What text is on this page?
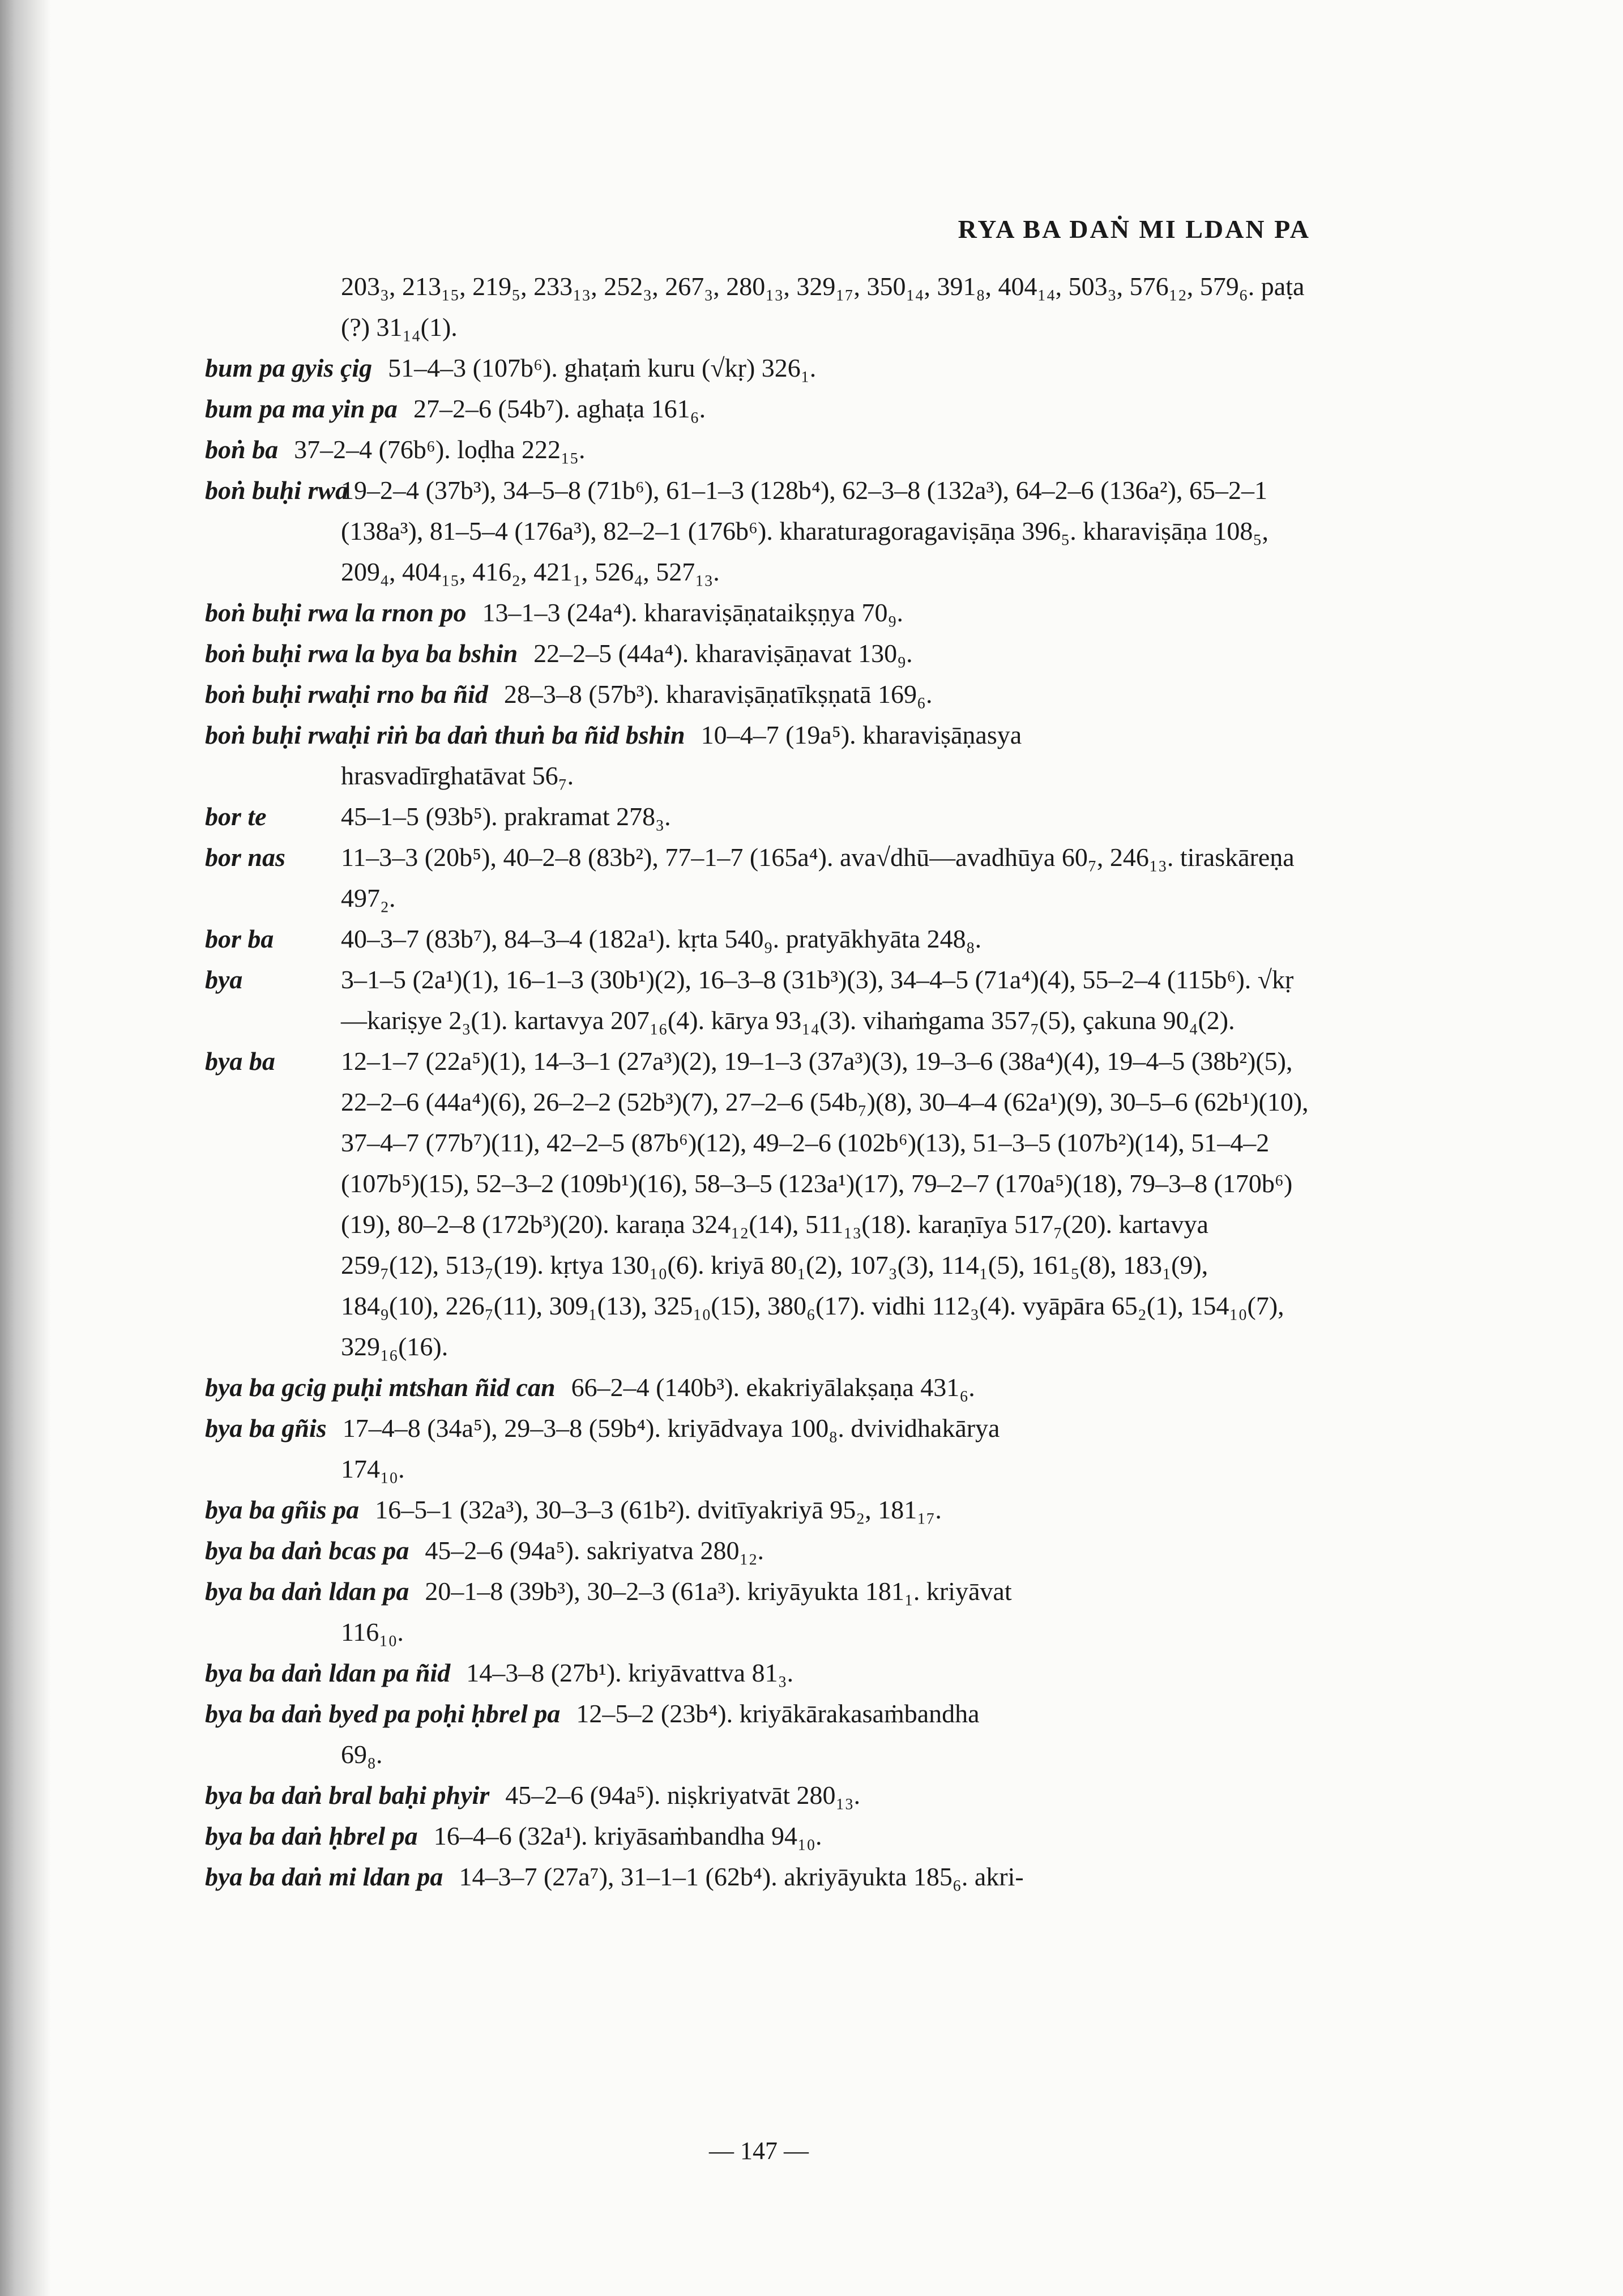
RYA BA DAṄ MI LDAN PA
203₃, 213₁₅, 219₅, 233₁₃, 252₃, 267₃, 280₁₃, 329₁₇, 350₁₄, 391₈, 404₁₄, 503₃, 576₁₂, 579₆. paṭa (?) 31₁₄(1).
bum pa gyis çig 51–4–3 (107b⁶). ghaṭaṁ kuru (√kṛ) 326₁.
bum pa ma yin pa 27–2–6 (54b⁷). aghaṭa 161₆.
boṅ ba 37–2–4 (76b⁶). loḍha 222₁₅.
boṅ buḥi rwa19–2–4 (37b³), 34–5–8 (71b⁶), 61–1–3 (128b⁴), 62–3–8 (132a³), 64–2–6 (136a²), 65–2–1 (138a³), 81–5–4 (176a³), 82–2–1 (176b⁶). kharaturagoragaviṣāṇa 396₅. kharaviṣāṇa 108₅, 209₄, 404₁₅, 416₂, 421₁, 526₄, 527₁₃.
boṅ buḥi rwa la rnon po 13–1–3 (24a⁴). kharaviṣāṇataikṣṇya 70₉.
boṅ buḥi rwa la bya ba bshin 22–2–5 (44a⁴). kharaviṣāṇavat 130₉.
boṅ buḥi rwaḥi rno ba ñid 28–3–8 (57b³). kharaviṣāṇatīkṣṇatā 169₆.
boṅ buḥi rwaḥi riṅ ba daṅ thuṅ ba ñid bshin 10–4–7 (19a⁵). kharaviṣāṇasya
hrasvadīrghatāvat 56₇.
bor te	45–1–5 (93b⁵). prakramat 278₃.
bor nas 11–3–3 (20b⁵), 40–2–8 (83b²), 77–1–7 (165a⁴). ava√dhū—avadhūya 60₇, 246₁₃. tiraskāreṇa 497₂.
bor ba	40–3–7 (83b⁷), 84–3–4 (182a¹). kṛta 540₉. pratyākhyāta 248₈.
bya	3–1–5 (2a¹)(1), 16–1–3 (30b¹)(2), 16–3–8 (31b³)(3), 34–4–5 (71a⁴)(4), 55–2–4 (115b⁶). √kṛ—kariṣye 2₃(1). kartavya 207₁₆(4). kārya 93₁₄(3). vihaṁgama 357₇(5), çakuna 90₄(2).
bya ba	12–1–7 (22a⁵)(1), 14–3–1 (27a³)(2), 19–1–3 (37a³)(3), 19–3–6 (38a⁴)(4), 19–4–5 (38b²)(5), 22–2–6 (44a⁴)(6), 26–2–2 (52b³)(7), 27–2–6 (54b₇)(8), 30–4–4 (62a¹)(9), 30–5–6 (62b¹)(10), 37–4–7 (77b⁷)(11), 42–2–5 (87b⁶)(12), 49–2–6 (102b⁶)(13), 51–3–5 (107b²)(14), 51–4–2 (107b⁵)(15), 52–3–2 (109b¹)(16), 58–3–5 (123a¹)(17), 79–2–7 (170a⁵)(18), 79–3–8 (170b⁶)(19), 80–2–8 (172b³)(20). karaṇa 324₁₂(14), 511₁₃(18). karaṇīya 517₇(20). kartavya 259₇(12), 513₇(19). kṛtya 130₁₀(6). kriyā 80₁(2), 107₃(3), 114₁(5), 161₅(8), 183₁(9), 184₉(10), 226₇(11), 309₁(13), 325₁₀(15), 380₆(17). vidhi 112₃(4). vyāpāra 65₂(1), 154₁₀(7), 329₁₆(16).
bya ba gcig puḥi mtshan ñid can 66–2–4 (140b³). ekakriyālakṣaṇa 431₆.
bya ba gñis 17–4–8 (34a⁵), 29–3–8 (59b⁴). kriyādvaya 100₈. dvividhakārya
174₁₀.
bya ba gñis pa 16–5–1 (32a³), 30–3–3 (61b²). dvitīyakriyā 95₂, 181₁₇.
bya ba daṅ bcas pa 45–2–6 (94a⁵). sakriyatva 280₁₂.
bya ba daṅ ldan pa 20–1–8 (39b³), 30–2–3 (61a³). kriyāyukta 181₁. kriyāvat
116₁₀.
bya ba daṅ ldan pa ñid 14–3–8 (27b¹). kriyāvattva 81₃.
bya ba daṅ byed pa poḥi ḥbrel pa 12–5–2 (23b⁴). kriyākārakasaṁbandha
69₈.
bya ba daṅ bral baḥi phyir 45–2–6 (94a⁵). niṣkriyatvāt 280₁₃.
bya ba daṅ ḥbrel pa 16–4–6 (32a¹). kriyāsaṁbandha 94₁₀.
bya ba daṅ mi ldan pa 14–3–7 (27a⁷), 31–1–1 (62b⁴). akriyāyukta 185₆. akri-
— 147 —
